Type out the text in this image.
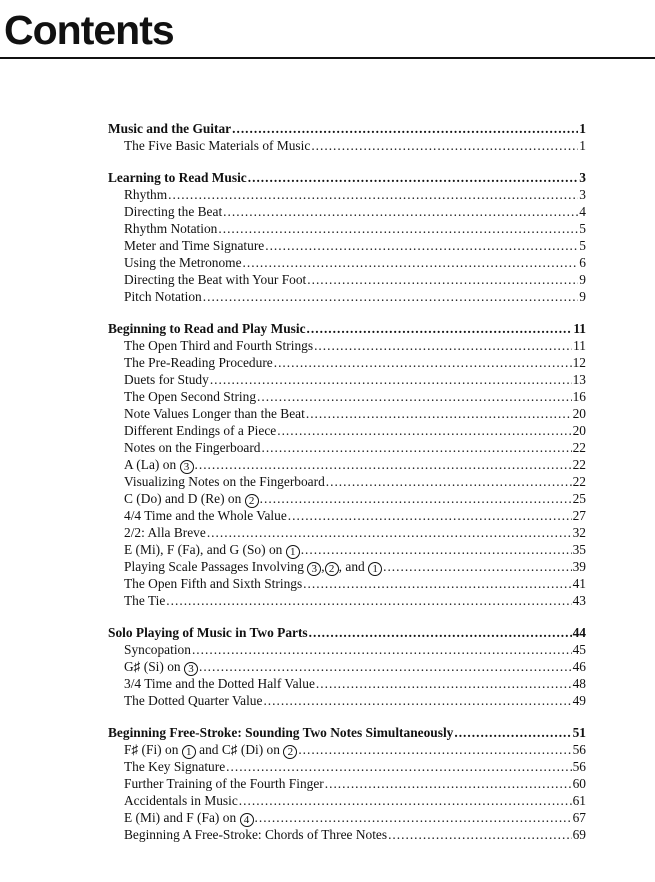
Contents
Music and the Guitar .....	1
The Five Basic Materials of Music .....	1
Learning to Read Music .....	3
Rhythm .....	3
Directing the Beat .....	4
Rhythm Notation .....	5
Meter and Time Signature .....	5
Using the Metronome .....	6
Directing the Beat with Your Foot .....	9
Pitch Notation .....	9
Beginning to Read and Play Music .....	11
The Open Third and Fourth Strings .....	11
The Pre-Reading Procedure .....	12
Duets for Study .....	13
The Open Second String .....	16
Note Values Longer than the Beat .....	20
Different Endings of a Piece .....	20
Notes on the Fingerboard .....	22
A (La) on 3 .....	22
Visualizing Notes on the Fingerboard .....	22
C (Do) and D (Re) on 2 .....	25
4/4 Time and the Whole Value .....	27
2/2: Alla Breve .....	32
E (Mi), F (Fa), and G (So) on 1 .....	35
Playing Scale Passages Involving 3 , 2 , and 1 .....	39
The Open Fifth and Sixth Strings .....	41
The Tie .....	43
Solo Playing of Music in Two Parts .....	44
Syncopation .....	45
G♯ (Si) on 3 .....	46
3/4 Time and the Dotted Half Value .....	48
The Dotted Quarter Value .....	49
Beginning Free-Stroke: Sounding Two Notes Simultaneously .....	51
F♯ (Fi) on 1 and C♯ (Di) on 2 .....	56
The Key Signature .....	56
Further Training of the Fourth Finger .....	60
Accidentals in Music .....	61
E (Mi) and F (Fa) on 4 .....	67
Beginning A Free-Stroke: Chords of Three Notes .....	69
